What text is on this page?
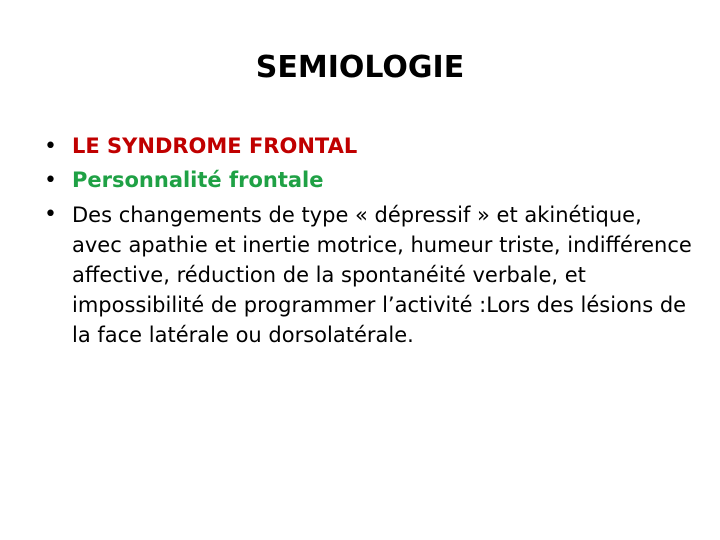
SEMIOLOGIE
• LE SYNDROME FRONTAL
• Personnalité frontale
• Des changements de type « dépressif » et akinétique, avec apathie et inertie motrice, humeur triste, indifférence affective, réduction de la spontanéité verbale, et impossibilité de programmer l’activité :Lors des lésions de la face latérale ou dorsolatérale.
